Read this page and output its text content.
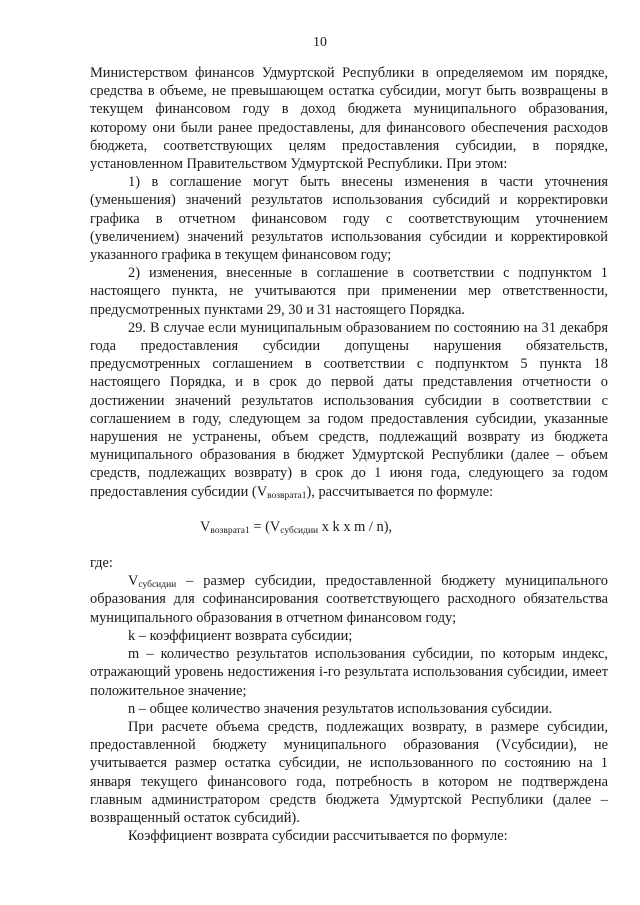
10

Министерством финансов Удмуртской Республики в определяемом им порядке, средства в объеме, не превышающем остатка субсидии, могут быть возвращены в текущем финансовом году в доход бюджета муниципального образования, которому они были ранее предоставлены, для финансового обеспечения расходов бюджета, соответствующих целям предоставления субсидии, в порядке, установленном Правительством Удмуртской Республики. При этом:

1) в соглашение могут быть внесены изменения в части уточнения (уменьшения) значений результатов использования субсидий и корректировки графика в отчетном финансовом году с соответствующим уточнением (увеличением) значений результатов использования субсидии и корректировкой указанного графика в текущем финансовом году;

2) изменения, внесенные в соглашение в соответствии с подпунктом 1 настоящего пункта, не учитываются при применении мер ответственности, предусмотренных пунктами 29, 30 и 31 настоящего Порядка.

29. В случае если муниципальным образованием по состоянию на 31 декабря года предоставления субсидии допущены нарушения обязательств, предусмотренных соглашением в соответствии с подпунктом 5 пункта 18 настоящего Порядка, и в срок до первой даты представления отчетности о достижении значений результатов использования субсидии в соответствии с соглашением в году, следующем за годом предоставления субсидии, указанные нарушения не устранены, объем средств, подлежащий возврату из бюджета муниципального образования в бюджет Удмуртской Республики (далее – объем средств, подлежащих возврату) в срок до 1 июня года, следующего за годом предоставления субсидии $(V_{возврата1})$, рассчитывается по формуле:

$V_{возврата1} = (V_{субсидии}$ x k x m / n),

где:

$V_{субсидии}$ – размер субсидии, предоставленной бюджету муниципального образования для софинансирования соответствующего расходного обязательства муниципального образования в отчетном финансовом году;

k – коэффициент возврата субсидии;

m – количество результатов использования субсидии, по которым индекс, отражающий уровень недостижения i-го результата использования субсидии, имеет положительное значение;

n – общее количество значения результатов использования субсидии.

При расчете объема средств, подлежащих возврату, в размере субсидии, предоставленной бюджету муниципального образования (Vсубсидии), не учитывается размер остатка субсидии, не использованного по состоянию на 1 января текущего финансового года, потребность в котором не подтверждена главным администратором средств бюджета Удмуртской Республики (далее – возвращенный остаток субсидий).

Коэффициент возврата субсидии рассчитывается по формуле:
